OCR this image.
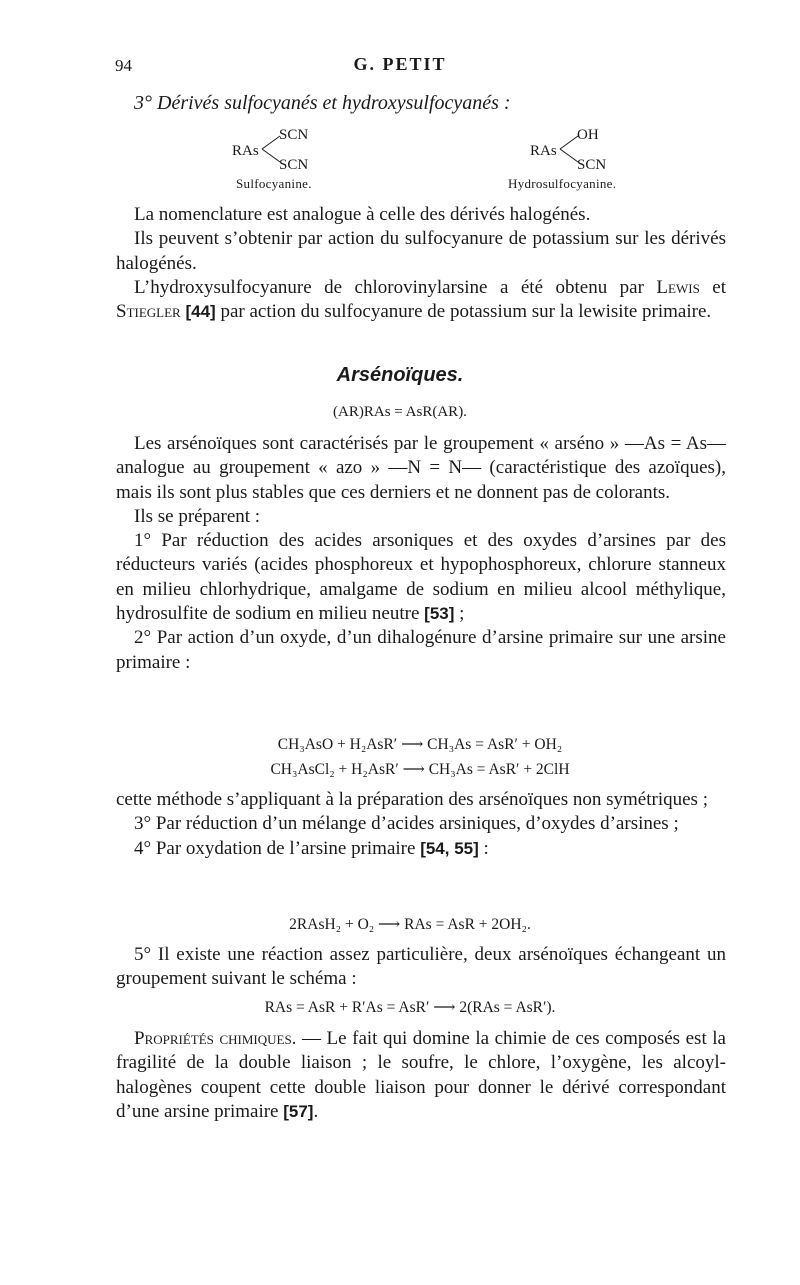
94	G. PETIT
3° Dérivés sulfocyanés et hydroxysulfocyanés :
SCN
RAs
SCN
Sulfocyanine.
OH
RAs
SCN
Hydrosulfocyanine.

La nomenclature est analogue à celle des dérivés halogénés.

Ils peuvent s’obtenir par action du sulfocyanure de potassium sur les dérivés halogénés.

L’hydroxysulfocyanure de chlorovinylarsine a été obtenu par Lewis et Stiegler [44] par action du sulfocyanure de potassium sur la lewisite primaire.

Arsénoïques.
(AR)RAs = AsR(AR).

Les arsénoïques sont caractérisés par le groupement « arséno » —As = As— analogue au groupement « azo » —N = N— (caractéristique des azoïques), mais ils sont plus stables que ces derniers et ne donnent pas de colorants.

Ils se préparent :

1° Par réduction des acides arsoniques et des oxydes d’arsines par des réducteurs variés (acides phosphoreux et hypophosphoreux, chlorure stanneux en milieu chlorhydrique, amalgame de sodium en milieu alcool méthylique, hydrosulfite de sodium en milieu neutre [53] ;

2° Par action d’un oxyde, d’un dihalogénure d’arsine primaire sur une arsine primaire :

CH₃AsO + H₂AsR′ ⟶ CH₃As = AsR′ + OH₂
CH₃AsCl₂ + H₂AsR′ ⟶ CH₃As = AsR′ + 2ClH

cette méthode s’appliquant à la préparation des arsénoïques non symétriques ;

3° Par réduction d’un mélange d’acides arsiniques, d’oxydes d’arsines ;

4° Par oxydation de l’arsine primaire [54, 55] :

2RAsH₂ + O₂ ⟶ RAs = AsR + 2OH₂.

5° Il existe une réaction assez particulière, deux arsénoïques échangeant un groupement suivant le schéma :

RAs = AsR + R′As = AsR′ ⟶ 2(RAs = AsR′).

Propriétés chimiques. — Le fait qui domine la chimie de ces composés est la fragilité de la double liaison ; le soufre, le chlore, l’oxygène, les alcoyl-halogènes coupent cette double liaison pour donner le dérivé correspondant d’une arsine primaire [57].
